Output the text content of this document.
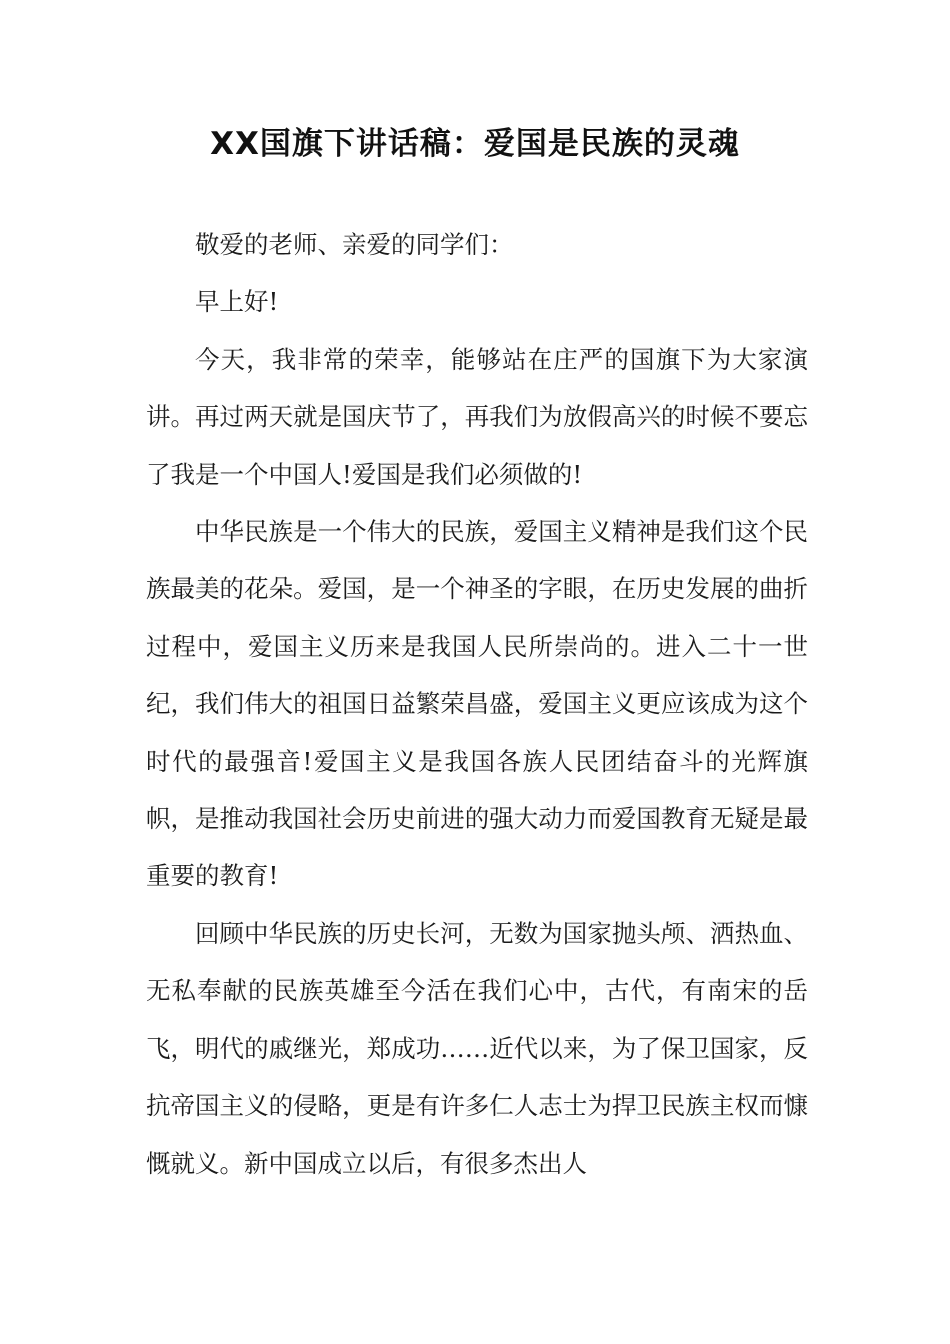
XX国旗下讲话稿：爱国是民族的灵魂

敬爱的老师、亲爱的同学们：

早上好!

今天，我非常的荣幸，能够站在庄严的国旗下为大家演讲。再过两天就是国庆节了，再我们为放假高兴的时候不要忘了我是一个中国人!爱国是我们必须做的!

中华民族是一个伟大的民族，爱国主义精神是我们这个民族最美的花朵。爱国，是一个神圣的字眼，在历史发展的曲折过程中，爱国主义历来是我国人民所崇尚的。进入二十一世纪，我们伟大的祖国日益繁荣昌盛，爱国主义更应该成为这个时代的最强音!爱国主义是我国各族人民团结奋斗的光辉旗帜，是推动我国社会历史前进的强大动力而爱国教育无疑是最重要的教育!

回顾中华民族的历史长河，无数为国家抛头颅、洒热血、无私奉献的民族英雄至今活在我们心中，古代，有南宋的岳飞，明代的戚继光，郑成功……近代以来，为了保卫国家，反抗帝国主义的侵略，更是有许多仁人志士为捍卫民族主权而慷慨就义。新中国成立以后，有很多杰出人
